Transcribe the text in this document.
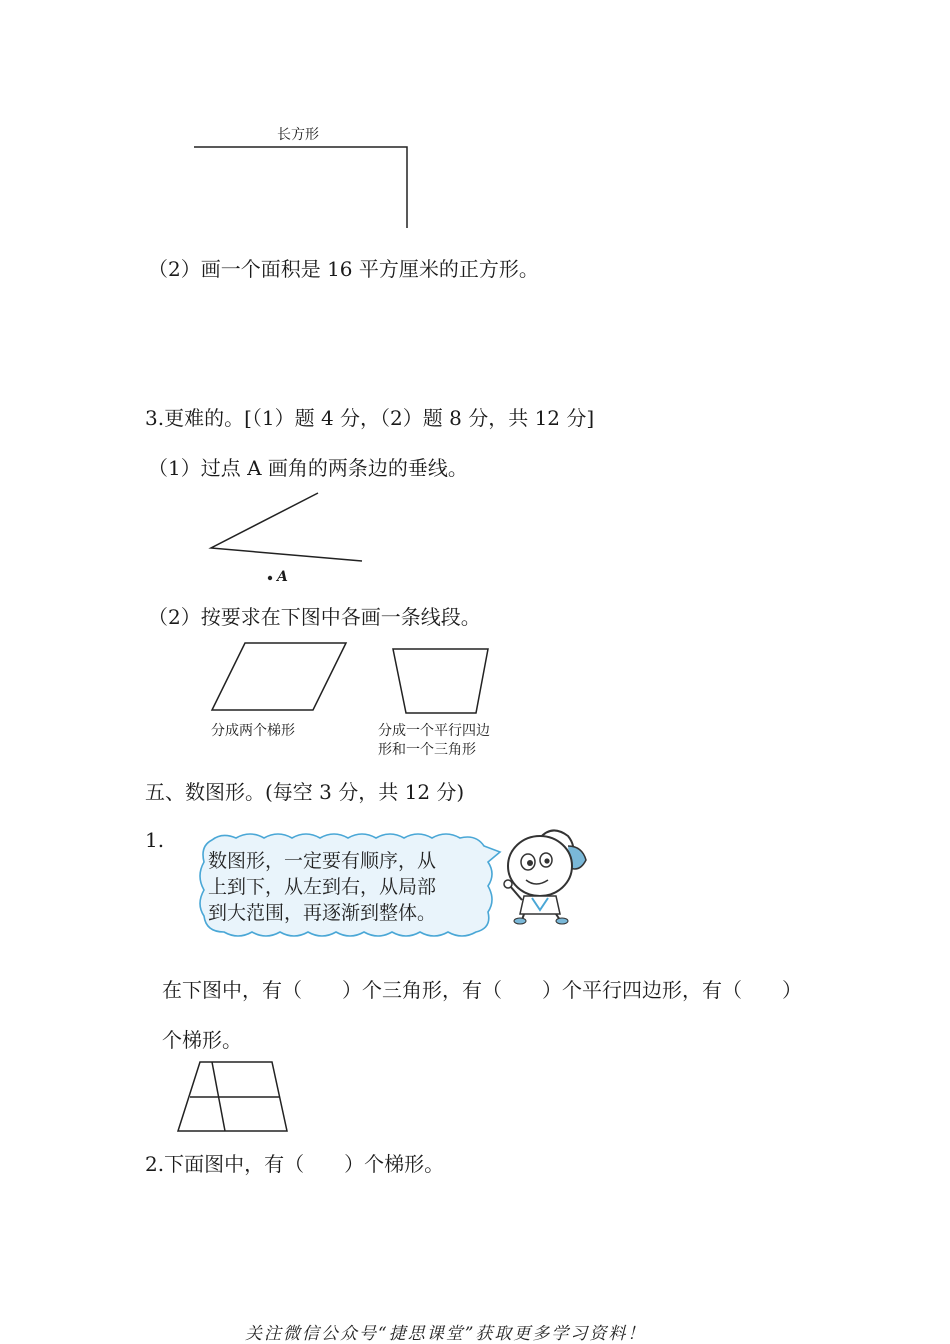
长方形
（2）画一个面积是 16 平方厘米的正方形。
3.更难的。[（1）题 4 分，（2）题 8 分，共 12 分]
（1）过点 A 画角的两条边的垂线。
A
（2）按要求在下图中各画一条线段。
分成两个梯形	分成一个平行四边
形和一个三角形
五、数图形。(每空 3 分，共 12 分)
1.
数图形，一定要有顺序，从
上到下，从左到右，从局部
到大范围，再逐渐到整体。
在下图中，有（　　）个三角形，有（　　）个平行四边形，有（　　）
个梯形。
2.下面图中，有（　　）个梯形。
关注微信公众号“捷思课堂”获取更多学习资料！
